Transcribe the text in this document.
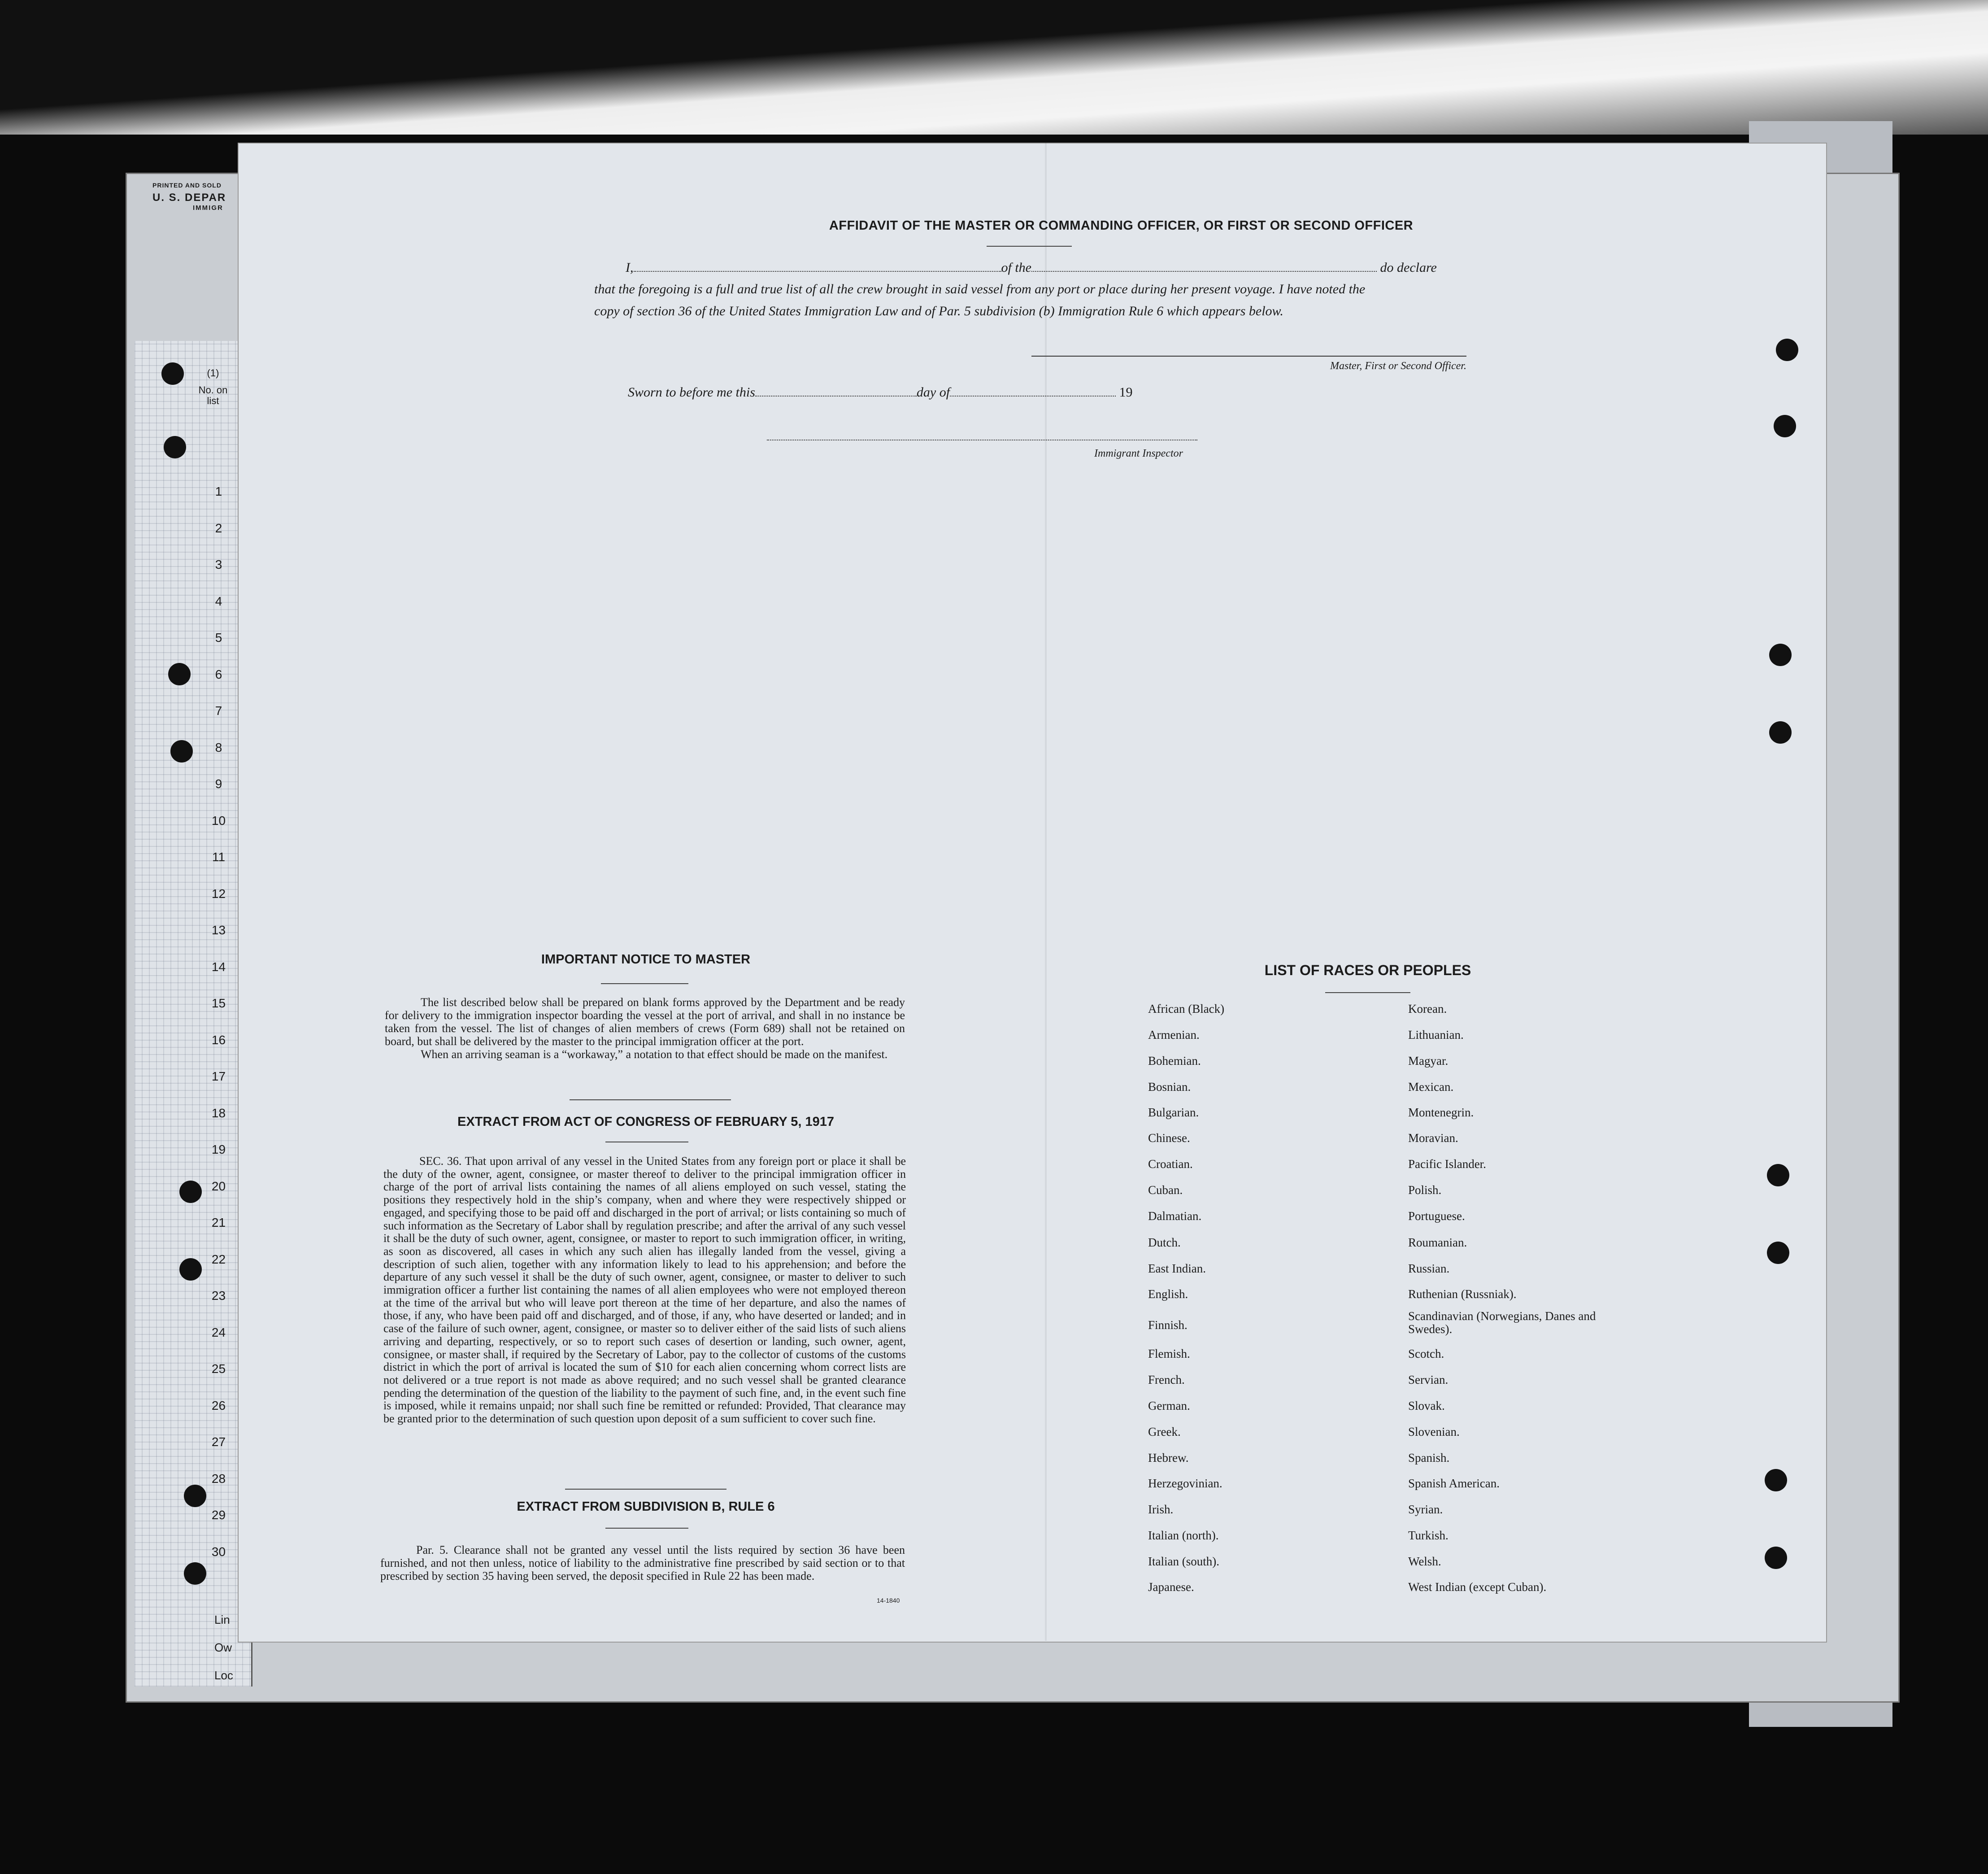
PRINTED AND SOLD
U. S. DEPAR
IMMIGR
(1)
No. on list
1
2
3
4
5
6
7
8
9
10
11
12
13
14
15
16
17
18
19
20
21
22
23
24
25
26
27
28
29
30
Lin
Ow
Loc
AFFIDAVIT OF THE MASTER OR COMMANDING OFFICER, OR FIRST OR SECOND OFFICER
I,	of the	do declare
that the foregoing is a full and true list of all the crew brought in said vessel from any port or place during her present voyage. I have noted the
copy of section 36 of the United States Immigration Law and of Par. 5 subdivision (b) Immigration Rule 6 which appears below.
Master, First or Second Officer.
Sworn to before me this	day of	19
Immigrant Inspector
IMPORTANT NOTICE TO MASTER
The list described below shall be prepared on blank forms approved by the Department and be ready for delivery to the immigration inspector boarding the vessel at the port of arrival, and shall in no instance be taken from the vessel. The list of changes of alien members of crews (Form 689) shall not be retained on board, but shall be delivered by the master to the principal immigration officer at the port.
When an arriving seaman is a “workaway,” a notation to that effect should be made on the manifest.
EXTRACT FROM ACT OF CONGRESS OF FEBRUARY 5, 1917
SEC. 36. That upon arrival of any vessel in the United States from any foreign port or place it shall be the duty of the owner, agent, consignee, or master thereof to deliver to the principal immigration officer in charge of the port of arrival lists containing the names of all aliens employed on such vessel, stating the positions they respectively hold in the ship’s company, when and where they were respectively shipped or engaged, and specifying those to be paid off and discharged in the port of arrival; or lists containing so much of such information as the Secretary of Labor shall by regulation prescribe; and after the arrival of any such vessel it shall be the duty of such owner, agent, consignee, or master to report to such immigration officer, in writing, as soon as discovered, all cases in which any such alien has illegally landed from the vessel, giving a description of such alien, together with any information likely to lead to his apprehension; and before the departure of any such vessel it shall be the duty of such owner, agent, consignee, or master to deliver to such immigration officer a further list containing the names of all alien employees who were not employed thereon at the time of the arrival but who will leave port thereon at the time of her departure, and also the names of those, if any, who have been paid off and discharged, and of those, if any, who have deserted or landed; and in case of the failure of such owner, agent, consignee, or master so to deliver either of the said lists of such aliens arriving and departing, respectively, or so to report such cases of desertion or landing, such owner, agent, consignee, or master shall, if required by the Secretary of Labor, pay to the collector of customs of the customs district in which the port of arrival is located the sum of $10 for each alien concerning whom correct lists are not delivered or a true report is not made as above required; and no such vessel shall be granted clearance pending the determination of the question of the liability to the payment of such fine, and, in the event such fine is imposed, while it remains unpaid; nor shall such fine be remitted or refunded: Provided, That clearance may be granted prior to the determination of such question upon deposit of a sum sufficient to cover such fine.
EXTRACT FROM SUBDIVISION B, RULE 6
Par. 5. Clearance shall not be granted any vessel until the lists required by section 36 have been furnished, and not then unless, notice of liability to the administrative fine prescribed by said section or to that prescribed by section 35 having been served, the deposit specified in Rule 22 has been made.
14-1840
LIST OF RACES OR PEOPLES
African (Black)
Armenian.
Bohemian.
Bosnian.
Bulgarian.
Chinese.
Croatian.
Cuban.
Dalmatian.
Dutch.
East Indian.
English.
Finnish.
Flemish.
French.
German.
Greek.
Hebrew.
Herzegovinian.
Irish.
Italian (north).
Italian (south).
Japanese.
Korean.
Lithuanian.
Magyar.
Mexican.
Montenegrin.
Moravian.
Pacific Islander.
Polish.
Portuguese.
Roumanian.
Russian.
Ruthenian (Russniak).
Scandinavian (Norwegians, Danes and Swedes).
Scotch.
Servian.
Slovak.
Slovenian.
Spanish.
Spanish American.
Syrian.
Turkish.
Welsh.
West Indian (except Cuban).
